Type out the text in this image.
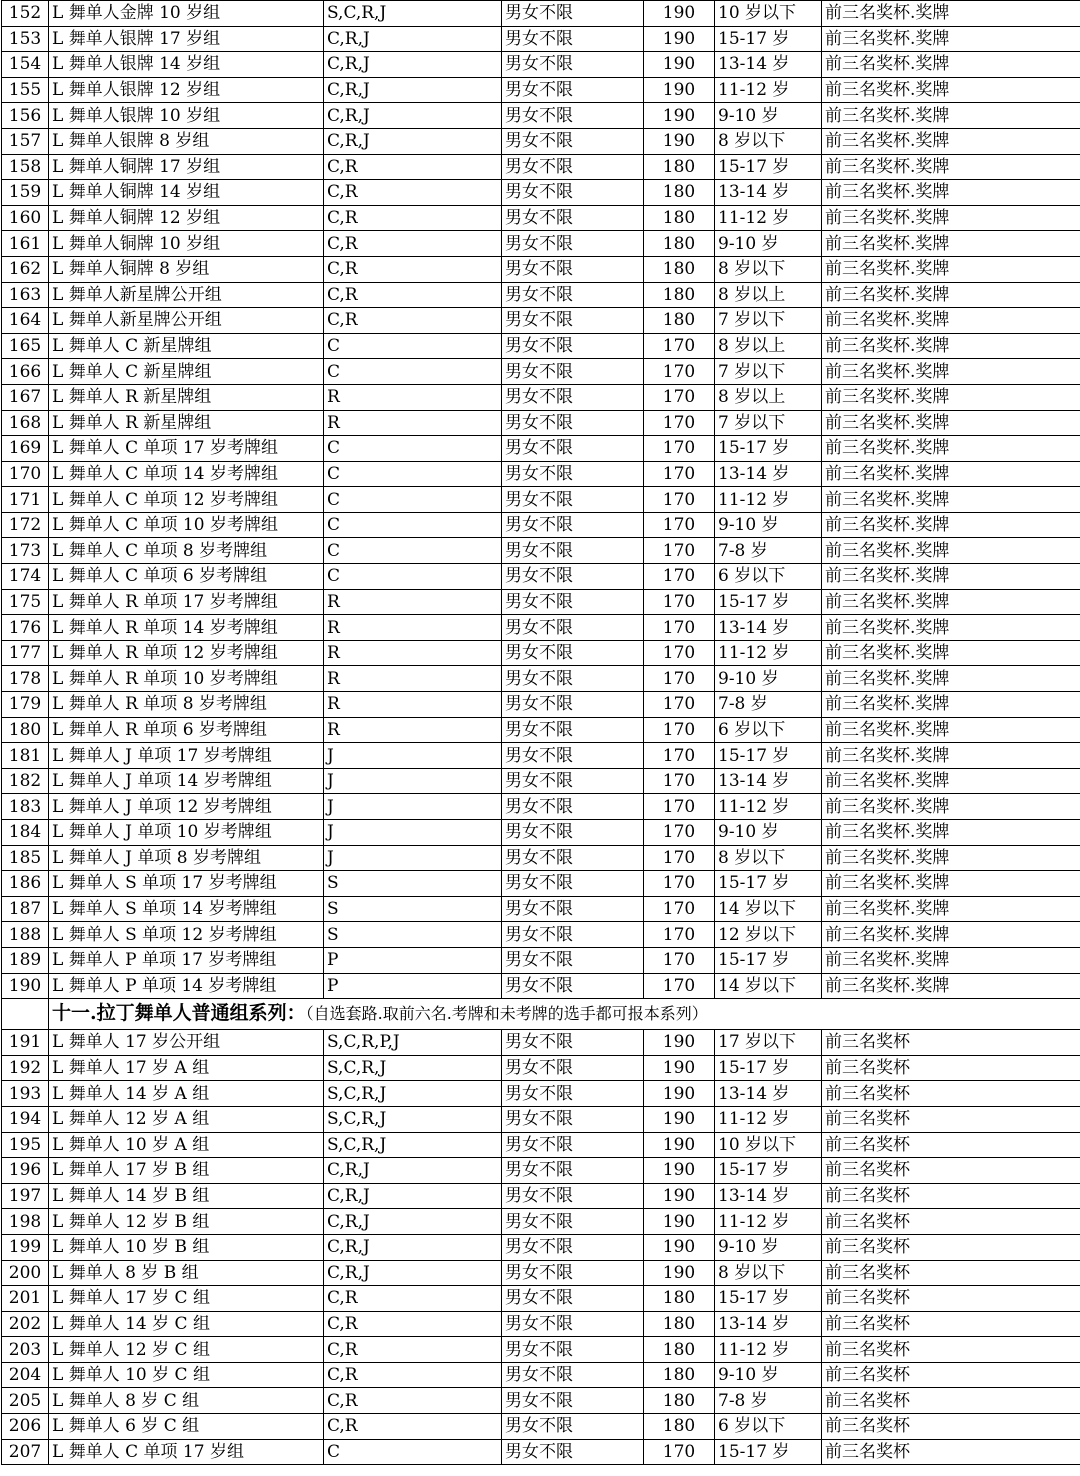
152	L 舞单人金牌 10 岁组	S,C,R,J	男女不限	190	10 岁以下	前三名奖杯.奖牌
153	L 舞单人银牌 17 岁组	C,R,J	男女不限	190	15-17 岁	前三名奖杯.奖牌
154	L 舞单人银牌 14 岁组	C,R,J	男女不限	190	13-14 岁	前三名奖杯.奖牌
155	L 舞单人银牌 12 岁组	C,R,J	男女不限	190	11-12 岁	前三名奖杯.奖牌
156	L 舞单人银牌 10 岁组	C,R,J	男女不限	190	9-10 岁	前三名奖杯.奖牌
157	L 舞单人银牌 8 岁组	C,R,J	男女不限	190	8 岁以下	前三名奖杯.奖牌
158	L 舞单人铜牌 17 岁组	C,R	男女不限	180	15-17 岁	前三名奖杯.奖牌
159	L 舞单人铜牌 14 岁组	C,R	男女不限	180	13-14 岁	前三名奖杯.奖牌
160	L 舞单人铜牌 12 岁组	C,R	男女不限	180	11-12 岁	前三名奖杯.奖牌
161	L 舞单人铜牌 10 岁组	C,R	男女不限	180	9-10 岁	前三名奖杯.奖牌
162	L 舞单人铜牌 8 岁组	C,R	男女不限	180	8 岁以下	前三名奖杯.奖牌
163	L 舞单人新星牌公开组	C,R	男女不限	180	8 岁以上	前三名奖杯.奖牌
164	L 舞单人新星牌公开组	C,R	男女不限	180	7 岁以下	前三名奖杯.奖牌
165	L 舞单人 C 新星牌组	C	男女不限	170	8 岁以上	前三名奖杯.奖牌
166	L 舞单人 C 新星牌组	C	男女不限	170	7 岁以下	前三名奖杯.奖牌
167	L 舞单人 R 新星牌组	R	男女不限	170	8 岁以上	前三名奖杯.奖牌
168	L 舞单人 R 新星牌组	R	男女不限	170	7 岁以下	前三名奖杯.奖牌
169	L 舞单人 C 单项 17 岁考牌组	C	男女不限	170	15-17 岁	前三名奖杯.奖牌
170	L 舞单人 C 单项 14 岁考牌组	C	男女不限	170	13-14 岁	前三名奖杯.奖牌
171	L 舞单人 C 单项 12 岁考牌组	C	男女不限	170	11-12 岁	前三名奖杯.奖牌
172	L 舞单人 C 单项 10 岁考牌组	C	男女不限	170	9-10 岁	前三名奖杯.奖牌
173	L 舞单人 C 单项 8 岁考牌组	C	男女不限	170	7-8 岁	前三名奖杯.奖牌
174	L 舞单人 C 单项 6 岁考牌组	C	男女不限	170	6 岁以下	前三名奖杯.奖牌
175	L 舞单人 R 单项 17 岁考牌组	R	男女不限	170	15-17 岁	前三名奖杯.奖牌
176	L 舞单人 R 单项 14 岁考牌组	R	男女不限	170	13-14 岁	前三名奖杯.奖牌
177	L 舞单人 R 单项 12 岁考牌组	R	男女不限	170	11-12 岁	前三名奖杯.奖牌
178	L 舞单人 R 单项 10 岁考牌组	R	男女不限	170	9-10 岁	前三名奖杯.奖牌
179	L 舞单人 R 单项 8 岁考牌组	R	男女不限	170	7-8 岁	前三名奖杯.奖牌
180	L 舞单人 R 单项 6 岁考牌组	R	男女不限	170	6 岁以下	前三名奖杯.奖牌
181	L 舞单人 J 单项 17 岁考牌组	J	男女不限	170	15-17 岁	前三名奖杯.奖牌
182	L 舞单人 J 单项 14 岁考牌组	J	男女不限	170	13-14 岁	前三名奖杯.奖牌
183	L 舞单人 J 单项 12 岁考牌组	J	男女不限	170	11-12 岁	前三名奖杯.奖牌
184	L 舞单人 J 单项 10 岁考牌组	J	男女不限	170	9-10 岁	前三名奖杯.奖牌
185	L 舞单人 J 单项 8 岁考牌组	J	男女不限	170	8 岁以下	前三名奖杯.奖牌
186	L 舞单人 S 单项 17 岁考牌组	S	男女不限	170	15-17 岁	前三名奖杯.奖牌
187	L 舞单人 S 单项 14 岁考牌组	S	男女不限	170	14 岁以下	前三名奖杯.奖牌
188	L 舞单人 S 单项 12 岁考牌组	S	男女不限	170	12 岁以下	前三名奖杯.奖牌
189	L 舞单人 P 单项 17 岁考牌组	P	男女不限	170	15-17 岁	前三名奖杯.奖牌
190	L 舞单人 P 单项 14 岁考牌组	P	男女不限	170	14 岁以下	前三名奖杯.奖牌
	十一.拉丁舞单人普通组系列：（自选套路.取前六名.考牌和未考牌的选手都可报本系列）					
191	L 舞单人 17 岁公开组	S,C,R,P,J	男女不限	190	17 岁以下	前三名奖杯
192	L 舞单人 17 岁 A 组	S,C,R,J	男女不限	190	15-17 岁	前三名奖杯
193	L 舞单人 14 岁 A 组	S,C,R,J	男女不限	190	13-14 岁	前三名奖杯
194	L 舞单人 12 岁 A 组	S,C,R,J	男女不限	190	11-12 岁	前三名奖杯
195	L 舞单人 10 岁 A 组	S,C,R,J	男女不限	190	10 岁以下	前三名奖杯
196	L 舞单人 17 岁 B 组	C,R,J	男女不限	190	15-17 岁	前三名奖杯
197	L 舞单人 14 岁 B 组	C,R,J	男女不限	190	13-14 岁	前三名奖杯
198	L 舞单人 12 岁 B 组	C,R,J	男女不限	190	11-12 岁	前三名奖杯
199	L 舞单人 10 岁 B 组	C,R,J	男女不限	190	9-10 岁	前三名奖杯
200	L 舞单人 8 岁 B 组	C,R,J	男女不限	190	8 岁以下	前三名奖杯
201	L 舞单人 17 岁 C 组	C,R	男女不限	180	15-17 岁	前三名奖杯
202	L 舞单人 14 岁 C 组	C,R	男女不限	180	13-14 岁	前三名奖杯
203	L 舞单人 12 岁 C 组	C,R	男女不限	180	11-12 岁	前三名奖杯
204	L 舞单人 10 岁 C 组	C,R	男女不限	180	9-10 岁	前三名奖杯
205	L 舞单人 8 岁 C 组	C,R	男女不限	180	7-8 岁	前三名奖杯
206	L 舞单人 6 岁 C 组	C,R	男女不限	180	6 岁以下	前三名奖杯
207	L 舞单人 C 单项 17 岁组	C	男女不限	170	15-17 岁	前三名奖杯
